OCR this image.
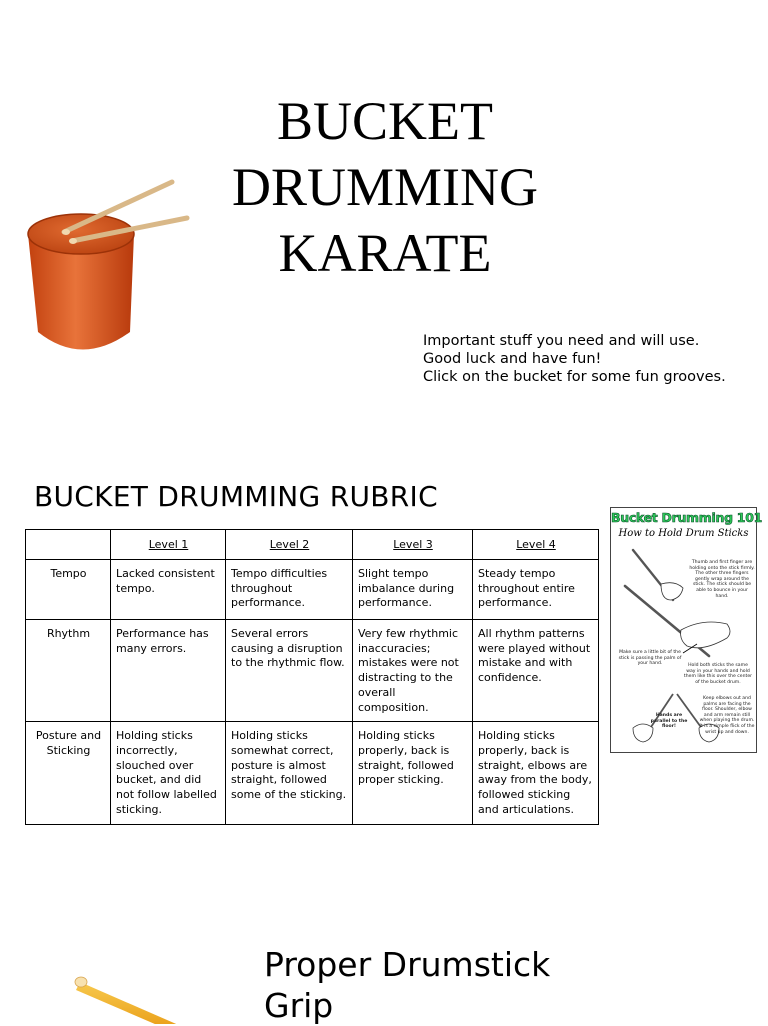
BUCKET
DRUMMING
KARATE
Important stuff you need and will use.
Good luck and have fun!
Click on the bucket for some fun grooves.
BUCKET DRUMMING RUBRIC
	Level 1	Level 2	Level 3	Level 4
Tempo	Lacked consistent tempo.	Tempo difficulties throughout performance.	Slight tempo imbalance during performance.	Steady tempo throughout entire performance.
Rhythm	Performance has many errors.	Several errors causing a disruption to the rhythmic flow.	Very few rhythmic inaccuracies; mistakes were not distracting to the overall composition.	All rhythm patterns were played without mistake and with confidence.
Posture and Sticking	Holding sticks incorrectly, slouched over bucket, and did not follow labelled sticking.	Holding sticks somewhat correct, posture is almost straight, followed some of the sticking.	Holding sticks properly, back is straight, followed proper sticking.	Holding sticks properly, back is straight, elbows are away from the body, followed sticking and articulations.
Bucket Drumming 101
How to Hold Drum Sticks
Thumb and first finger are holding onto the stick firmly. The other three fingers gently wrap around the stick. The stick should be able to bounce in your hand.
Make sure a little bit of the stick is passing the palm of your hand.	Hold both sticks the same way in your hands and hold them like this over the center of the bucket drum.
Hands are parallel to the floor!
Keep elbows out and palms are facing the floor. Shoulder, elbow and arm remain still when playing the drum. It is a simple flick of the wrist up and down.
Proper Drumstick
Grip
